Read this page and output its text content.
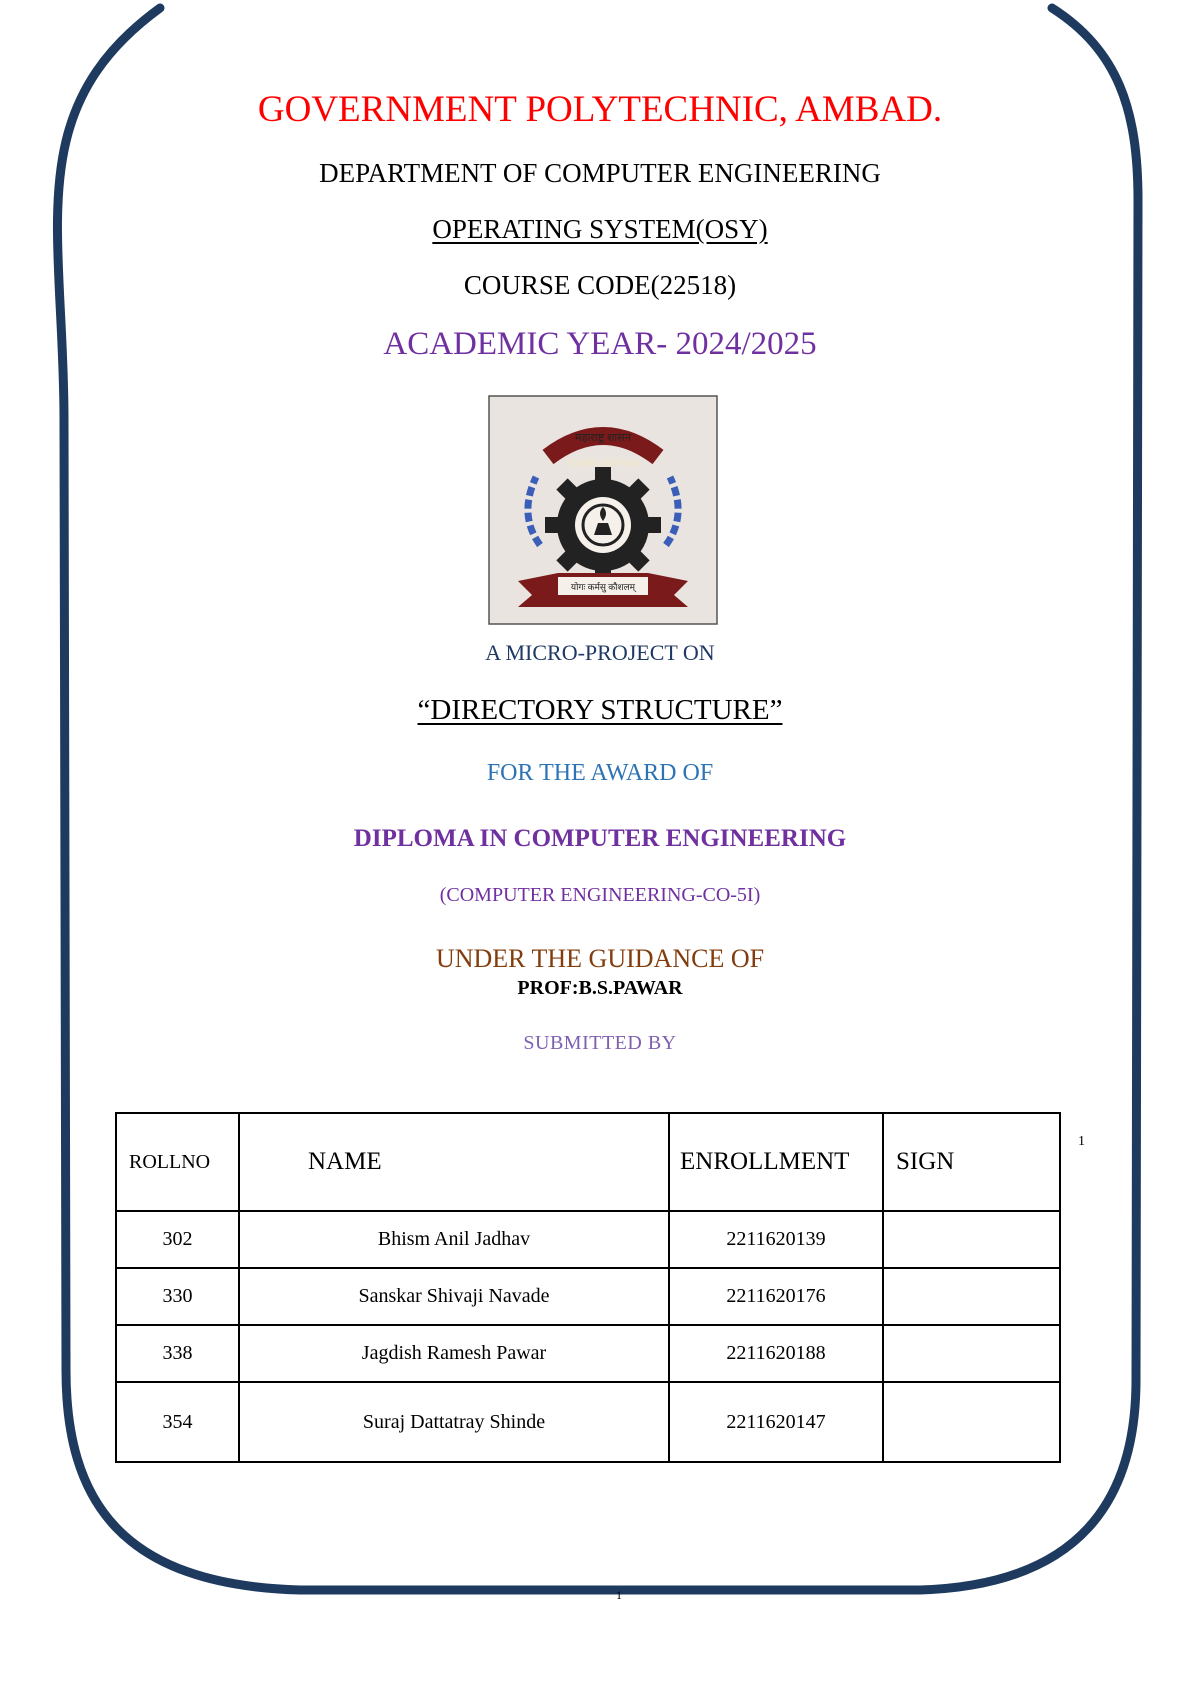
GOVERNMENT POLYTECHNIC, AMBAD.

DEPARTMENT OF COMPUTER ENGINEERING

OPERATING SYSTEM(OSY)

COURSE CODE(22518)

ACADEMIC YEAR- 2024/2025

महाराष्ट्र शासन
शासकीय तंत्रनिकेतन
योगः कर्मसु कौशलम्

A MICRO-PROJECT ON

“DIRECTORY STRUCTURE”

FOR THE AWARD OF

DIPLOMA IN COMPUTER ENGINEERING

(COMPUTER ENGINEERING-CO-5I)

UNDER THE GUIDANCE OF

PROF:B.S.PAWAR

SUBMITTED BY

1
ROLLNO	NAME	ENROLLMENT	SIGN
302	Bhism Anil Jadhav	2211620139	
330	Sanskar Shivaji Navade	2211620176	
338	Jagdish Ramesh Pawar	2211620188	
354	Suraj Dattatray Shinde	2211620147	
1
